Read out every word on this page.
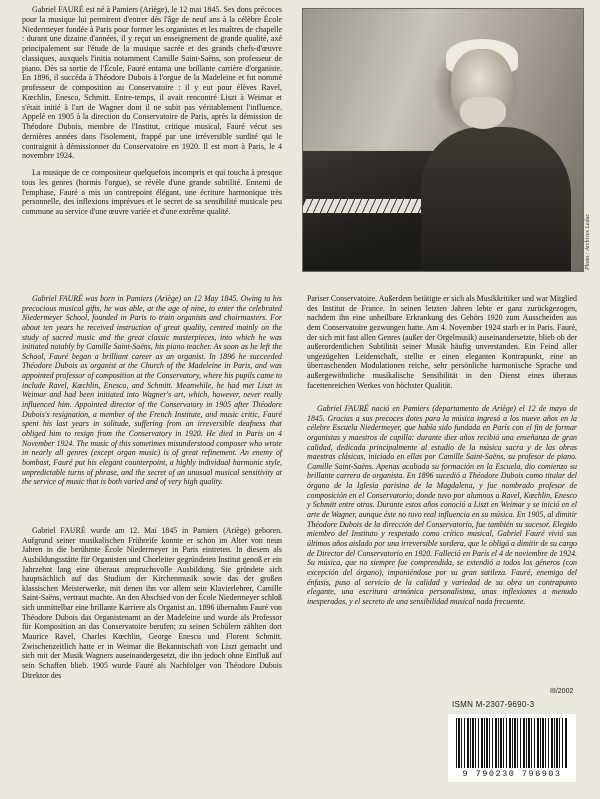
Gabriel FAURÉ est né à Pamiers (Ariège), le 12 mai 1845. Ses dons précoces pour la musique lui permirent d'entrer dès l'âge de neuf ans à la célèbre École Niedermeyer fondée à Paris pour former les organistes et les maîtres de chapelle : durant une dizaine d'années, il y reçut un enseignement de grande qualité, axé principalement sur l'étude de la musique sacrée et des grands chefs-d'œuvre classiques, auxquels l'initia notamment Camille Saint-Saëns, son professeur de piano. Dès sa sortie de l'École, Fauré entama une brillante carrière d'organiste. En 1896, il succéda à Théodore Dubois à l'orgue de la Madeleine et fut nommé professeur de composition au Conservatoire : il y eut pour élèves Ravel, Kœchlin, Enesco, Schmitt. Entre-temps, il avait rencontré Liszt à Weimar et s'était initié à l'art de Wagner dont il ne subit pas véritablement l'influence. Appelé en 1905 à la direction du Conservatoire de Paris, après la démission de Théodore Dubois, membre de l'Institut, critique musical, Fauré vécut ses dernières années dans l'isolement, frappé par une irréversible surdité qui le contraignit à démissionner du Conservatoire en 1920. Il est mort à Paris, le 4 novembre 1924.

La musique de ce compositeur quelquefois incompris et qui toucha à presque tous les genres (hormis l'orgue), se révèle d'une grande subtilité. Ennemi de l'emphase, Fauré a mis un contrepoint élégant, une écriture harmonique très personnelle, des inflexions imprévues et le secret de sa sensibilité musicale peu commune au service d'une œuvre variée et d'une extrême qualité.

Photo : Archives Leduc

Gabriel FAURÉ was born in Pamiers (Ariège) on 12 May 1845. Owing to his precocious musical gifts, he was able, at the age of nine, to enter the celebrated Niedermeyer School, founded in Paris to train organists and choirmasters. For about ten years he received instruction of great quality, centred mainly on the study of sacred music and the great classic masterpieces, into which he was initiated notably by Camille Saint-Saëns, his piano teacher. As soon as he left the School, Fauré began a brilliant career as an organist. In 1896 he succeeded Théodore Dubois as organist at the Church of the Madeleine in Paris, and was appointed professor of composition at the Conservatory, where his pupils came to include Ravel, Kœchlin, Enesco, and Schmitt. Meanwhile, he had met Liszt in Weimar and had been initiated into Wagner's art, which, however, never really influenced him. Appointed director of the Conservatory in 1905 after Théodore Dubois's resignation, a member of the French Institute, and music critic, Fauré spent his last years in solitude, suffering from an irreversible deafness that obliged him to resign from the Conservatory in 1920. He died in Paris on 4 November 1924. The music of this sometimes misunderstood composer who wrote in nearly all genres (except organ music) is of great refinement. An enemy of bombast, Fauré put his elegant counterpoint, a highly individual harmonic style, unpredictable turns of phrase, and the secret of an unusual musical sensitivity at the service of music that is both varied and of very high quality.

Gabriel FAURÉ wurde am 12. Mai 1845 in Pamiers (Ariège) geboren. Aufgrund seiner musikalischen Frühreife konnte er schon im Alter von neun Jahren in die berühmte École Niedermeyer in Paris eintreten. In diesem als Ausbildungsstätte für Organisten und Chorleiter gegründeten Institut genoß er ein Jahrzehnt lang eine überaus anspruchsvolle Ausbildung. Sie gründete sich hauptsächlich auf das Studium der Kirchenmusik sowie das der großen klassischen Meisterwerke, mit denen ihn vor allem sein Klavierlehrer, Camille Saint-Saëns, vertraut machte. An den Abschied von der École Niedermeyer schloß sich unmittelbar eine brillante Karriere als Organist an. 1896 übernahm Fauré von Théodore Dubois das Organistenamt an der Madeleine und wurde als Professor für Komposition an das Conservatoire berufen; zu seinen Schülern zählten dort Maurice Ravel, Charles Kœchlin, George Enescu und Florent Schmitt. Zwischenzeitlich hatte er in Weimar die Bekanntschaft von Liszt gemacht und sich mit der Musik Wagners auseinandergesetzt, die ihn jedoch ohne Einfluß auf sein Schaffen blieb. 1905 wurde Fauré als Nachfolger von Théodore Dubois Direktor des

Pariser Conservatoire. Außerdem betätigte er sich als Musikkritiker und war Mitglied des Institut de France. In seinen letzten Jahren lebte er ganz zurückgezogen, nachdem ihn eine unheilbare Erkrankung des Gehörs 1920 zum Ausscheiden aus dem Conservatoire gezwungen hatte. Am 4. November 1924 starb er in Paris. Fauré, der sich mit fast allen Genres (außer der Orgelmusik) auseinandersetzte, blieb ob der außerordentlichen Subtilität seiner Musik häufig unverstanden. Ein Feind aller ungezügelten Leidenschaft, stellte er einen eleganten Kontrapunkt, eine an überraschenden Modulationen reiche, sehr persönliche harmonische Sprache und außergewöhnliche musikalische Sensibilität in den Dienst eines überaus facettenreichen Werkes von höchster Qualität.

Gabriel FAURÉ nació en Pamiers (departamento de Ariège) el 12 de mayo de 1845. Gracias a sus precoces dotes para la música ingresó a los nueve años en la célebre Escuela Niedermeyer, que había sido fundada en París con el fin de formar organistas y maestros de capilla: durante diez años recibió una enseñanza de gran calidad, dedicada principalmente al estudio de la música sacra y de las obras maestras clásicas, iniciado en ellas por Camille Saint-Saëns, su profesor de piano. Camille Saint-Saëns. Apenas acabada su formación en la Escuela, dio comienzo su brillante carrera de organista. En 1896 sucedió a Théodore Dubois como titular del órgano de la Iglesia parisina de la Magdalena, y fue nombrado profesor de composición en el Conservatorio, donde tuvo por alumnos a Ravel, Kœchlin, Enesco y Schmitt entre otros. Durante estos años conoció a Liszt en Weimar y se inició en el arte de Wagner, aunque éste no tuvo real influencia en su música. En 1905, al dimitir Théodore Dubois de la dirección del Conservatorio, fue también su sucesor. Elegido miembro del Instituto y respetado como crítico musical, Gabriel Fauré vivió sus últimos años aislado por una irreversible sordera, que le obligó a dimitir de su cargo de Director del Conservatorio en 1920. Falleció en París el 4 de noviembre de 1924. Su música, que no siempre fue comprendida, se extendió a todos los géneros (con excepción del órgano), imponiéndose por su gran sutileza. Fauré, enemigo del énfasis, puso al servicio de la calidad y variedad de su obra un contrapunto elegante, una escritura armónica personalísima, unas inflexiones a menudo inesperadas, y el secreto de una sensibilidad musical nada frecuente.

III/2002
ISMN M-2307-9690-3
9 790230 796903
